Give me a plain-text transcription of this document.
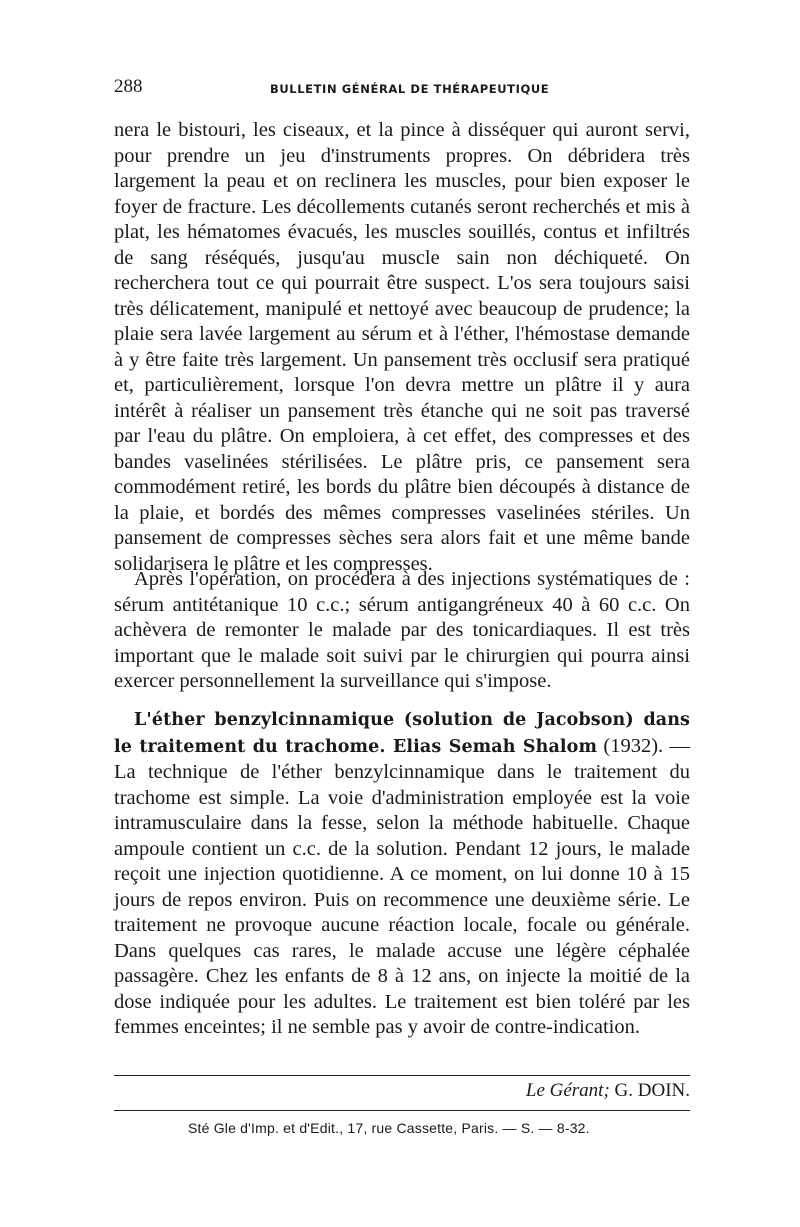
288	BULLETIN GÉNÉRAL DE THÉRAPEUTIQUE

nera le bistouri, les ciseaux, et la pince à disséquer qui auront servi, pour prendre un jeu d'instruments propres. On débridera très largement la peau et on reclinera les muscles, pour bien exposer le foyer de fracture. Les décollements cutanés seront recherchés et mis à plat, les hématomes évacués, les muscles souillés, contus et infiltrés de sang réséqués, jusqu'au muscle sain non déchiqueté. On recherchera tout ce qui pourrait être suspect. L'os sera toujours saisi très délicatement, manipulé et nettoyé avec beaucoup de prudence; la plaie sera lavée largement au sérum et à l'éther, l'hémostase demande à y être faite très largement. Un pansement très occlusif sera pratiqué et, particulièrement, lorsque l'on devra mettre un plâtre il y aura intérêt à réaliser un pansement très étanche qui ne soit pas traversé par l'eau du plâtre. On emploiera, à cet effet, des compresses et des bandes vaselinées stérilisées. Le plâtre pris, ce pansement sera commodément retiré, les bords du plâtre bien découpés à distance de la plaie, et bordés des mêmes compresses vaselinées stériles. Un pansement de compresses sèches sera alors fait et une même bande solidarisera le plâtre et les compresses.

Après l'opération, on procédera à des injections systématiques de : sérum antitétanique 10 c.c.; sérum antigangréneux 40 à 60 c.c. On achèvera de remonter le malade par des tonicardiaques. Il est très important que le malade soit suivi par le chirurgien qui pourra ainsi exercer personnellement la surveillance qui s'impose.

L'éther benzylcinnamique (solution de Jacobson) dans le traitement du trachome. Elias Semah Shalom (1932). — La technique de l'éther benzylcinnamique dans le traitement du trachome est simple. La voie d'administration employée est la voie intramusculaire dans la fesse, selon la méthode habituelle. Chaque ampoule contient un c.c. de la solution. Pendant 12 jours, le malade reçoit une injection quotidienne. A ce moment, on lui donne 10 à 15 jours de repos environ. Puis on recommence une deuxième série. Le traitement ne provoque aucune réaction locale, focale ou générale. Dans quelques cas rares, le malade accuse une légère céphalée passagère. Chez les enfants de 8 à 12 ans, on injecte la moitié de la dose indiquée pour les adultes. Le traitement est bien toléré par les femmes enceintes; il ne semble pas y avoir de contre-indication.

Le Gérant; G. DOIN.
Sté Gle d'Imp. et d'Edit., 17, rue Cassette, Paris. — S. — 8-32.
